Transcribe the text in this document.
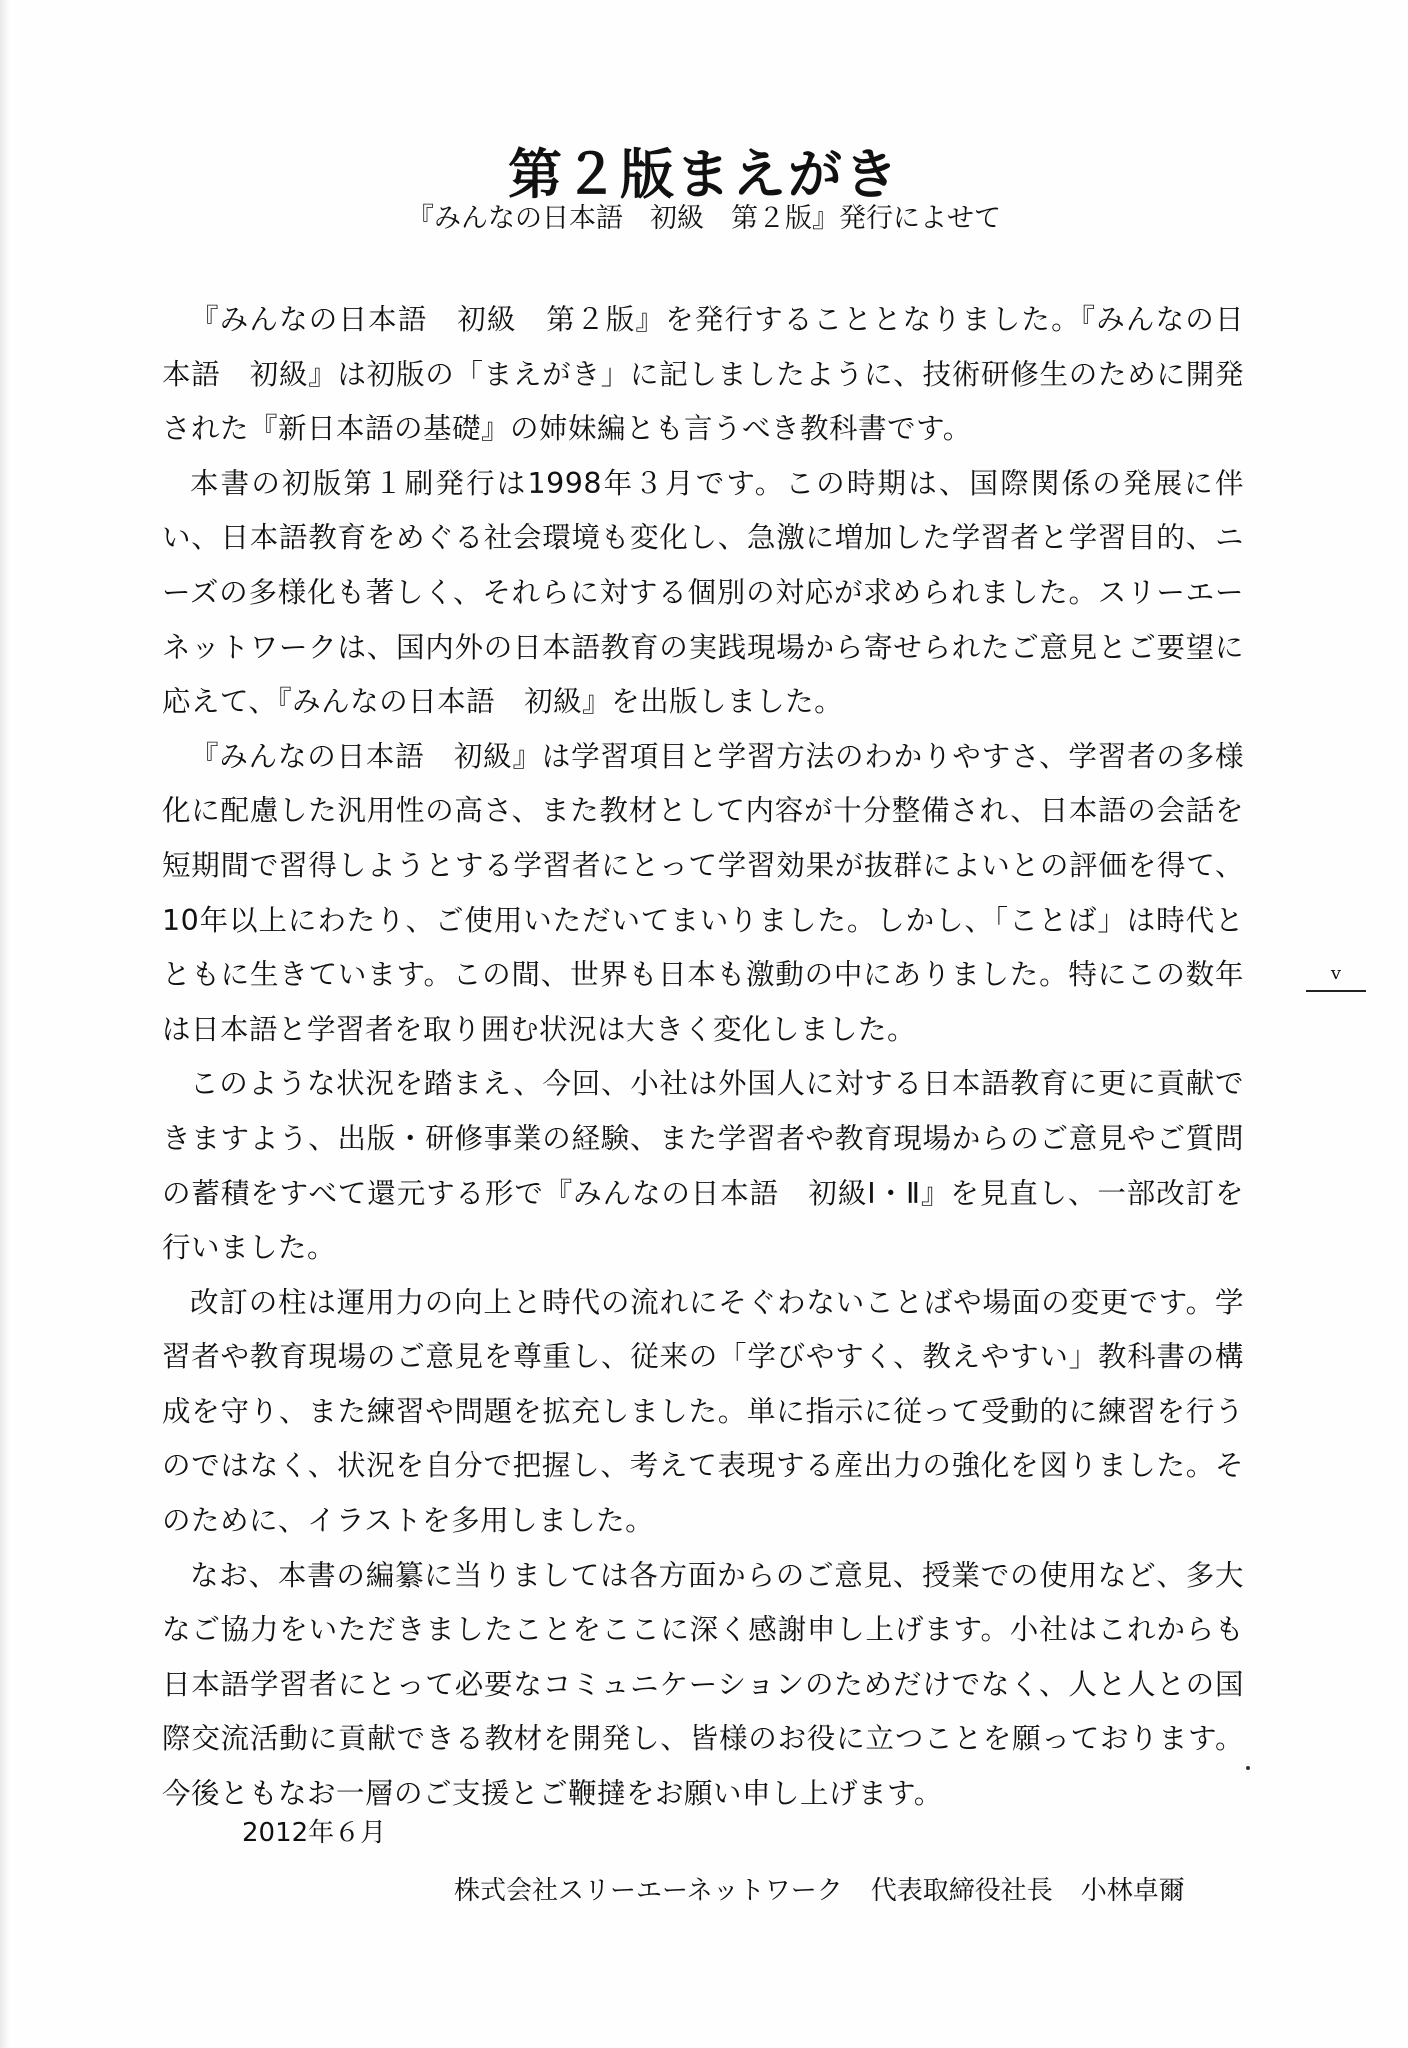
第２版まえがき

『みんなの日本語　初級　第２版』発行によせて

『みんなの日本語　初級　第２版』を発行することとなりました。『みんなの日本語　初級』は初版の「まえがき」に記しましたように、技術研修生のために開発された『新日本語の基礎』の姉妹編とも言うべき教科書です。

本書の初版第１刷発行は1998年３月です。この時期は、国際関係の発展に伴い、日本語教育をめぐる社会環境も変化し、急激に増加した学習者と学習目的、ニーズの多様化も著しく、それらに対する個別の対応が求められました。スリーエーネットワークは、国内外の日本語教育の実践現場から寄せられたご意見とご要望に応えて、『みんなの日本語　初級』を出版しました。

『みんなの日本語　初級』は学習項目と学習方法のわかりやすさ、学習者の多様化に配慮した汎用性の高さ、また教材として内容が十分整備され、日本語の会話を短期間で習得しようとする学習者にとって学習効果が抜群によいとの評価を得て、10年以上にわたり、ご使用いただいてまいりました。しかし、「ことば」は時代とともに生きています。この間、世界も日本も激動の中にありました。特にこの数年は日本語と学習者を取り囲む状況は大きく変化しました。

このような状況を踏まえ、今回、小社は外国人に対する日本語教育に更に貢献できますよう、出版・研修事業の経験、また学習者や教育現場からのご意見やご質問の蓄積をすべて還元する形で『みんなの日本語　初級Ⅰ・Ⅱ』を見直し、一部改訂を行いました。

改訂の柱は運用力の向上と時代の流れにそぐわないことばや場面の変更です。学習者や教育現場のご意見を尊重し、従来の「学びやすく、教えやすい」教科書の構成を守り、また練習や問題を拡充しました。単に指示に従って受動的に練習を行うのではなく、状況を自分で把握し、考えて表現する産出力の強化を図りました。そのために、イラストを多用しました。

なお、本書の編纂に当りましては各方面からのご意見、授業での使用など、多大なご協力をいただきましたことをここに深く感謝申し上げます。小社はこれからも日本語学習者にとって必要なコミュニケーションのためだけでなく、人と人との国際交流活動に貢献できる教材を開発し、皆様のお役に立つことを願っております。今後ともなお一層のご支援とご鞭撻をお願い申し上げます。

2012年６月
株式会社スリーエーネットワーク 代表取締役社長 小林卓爾
v
